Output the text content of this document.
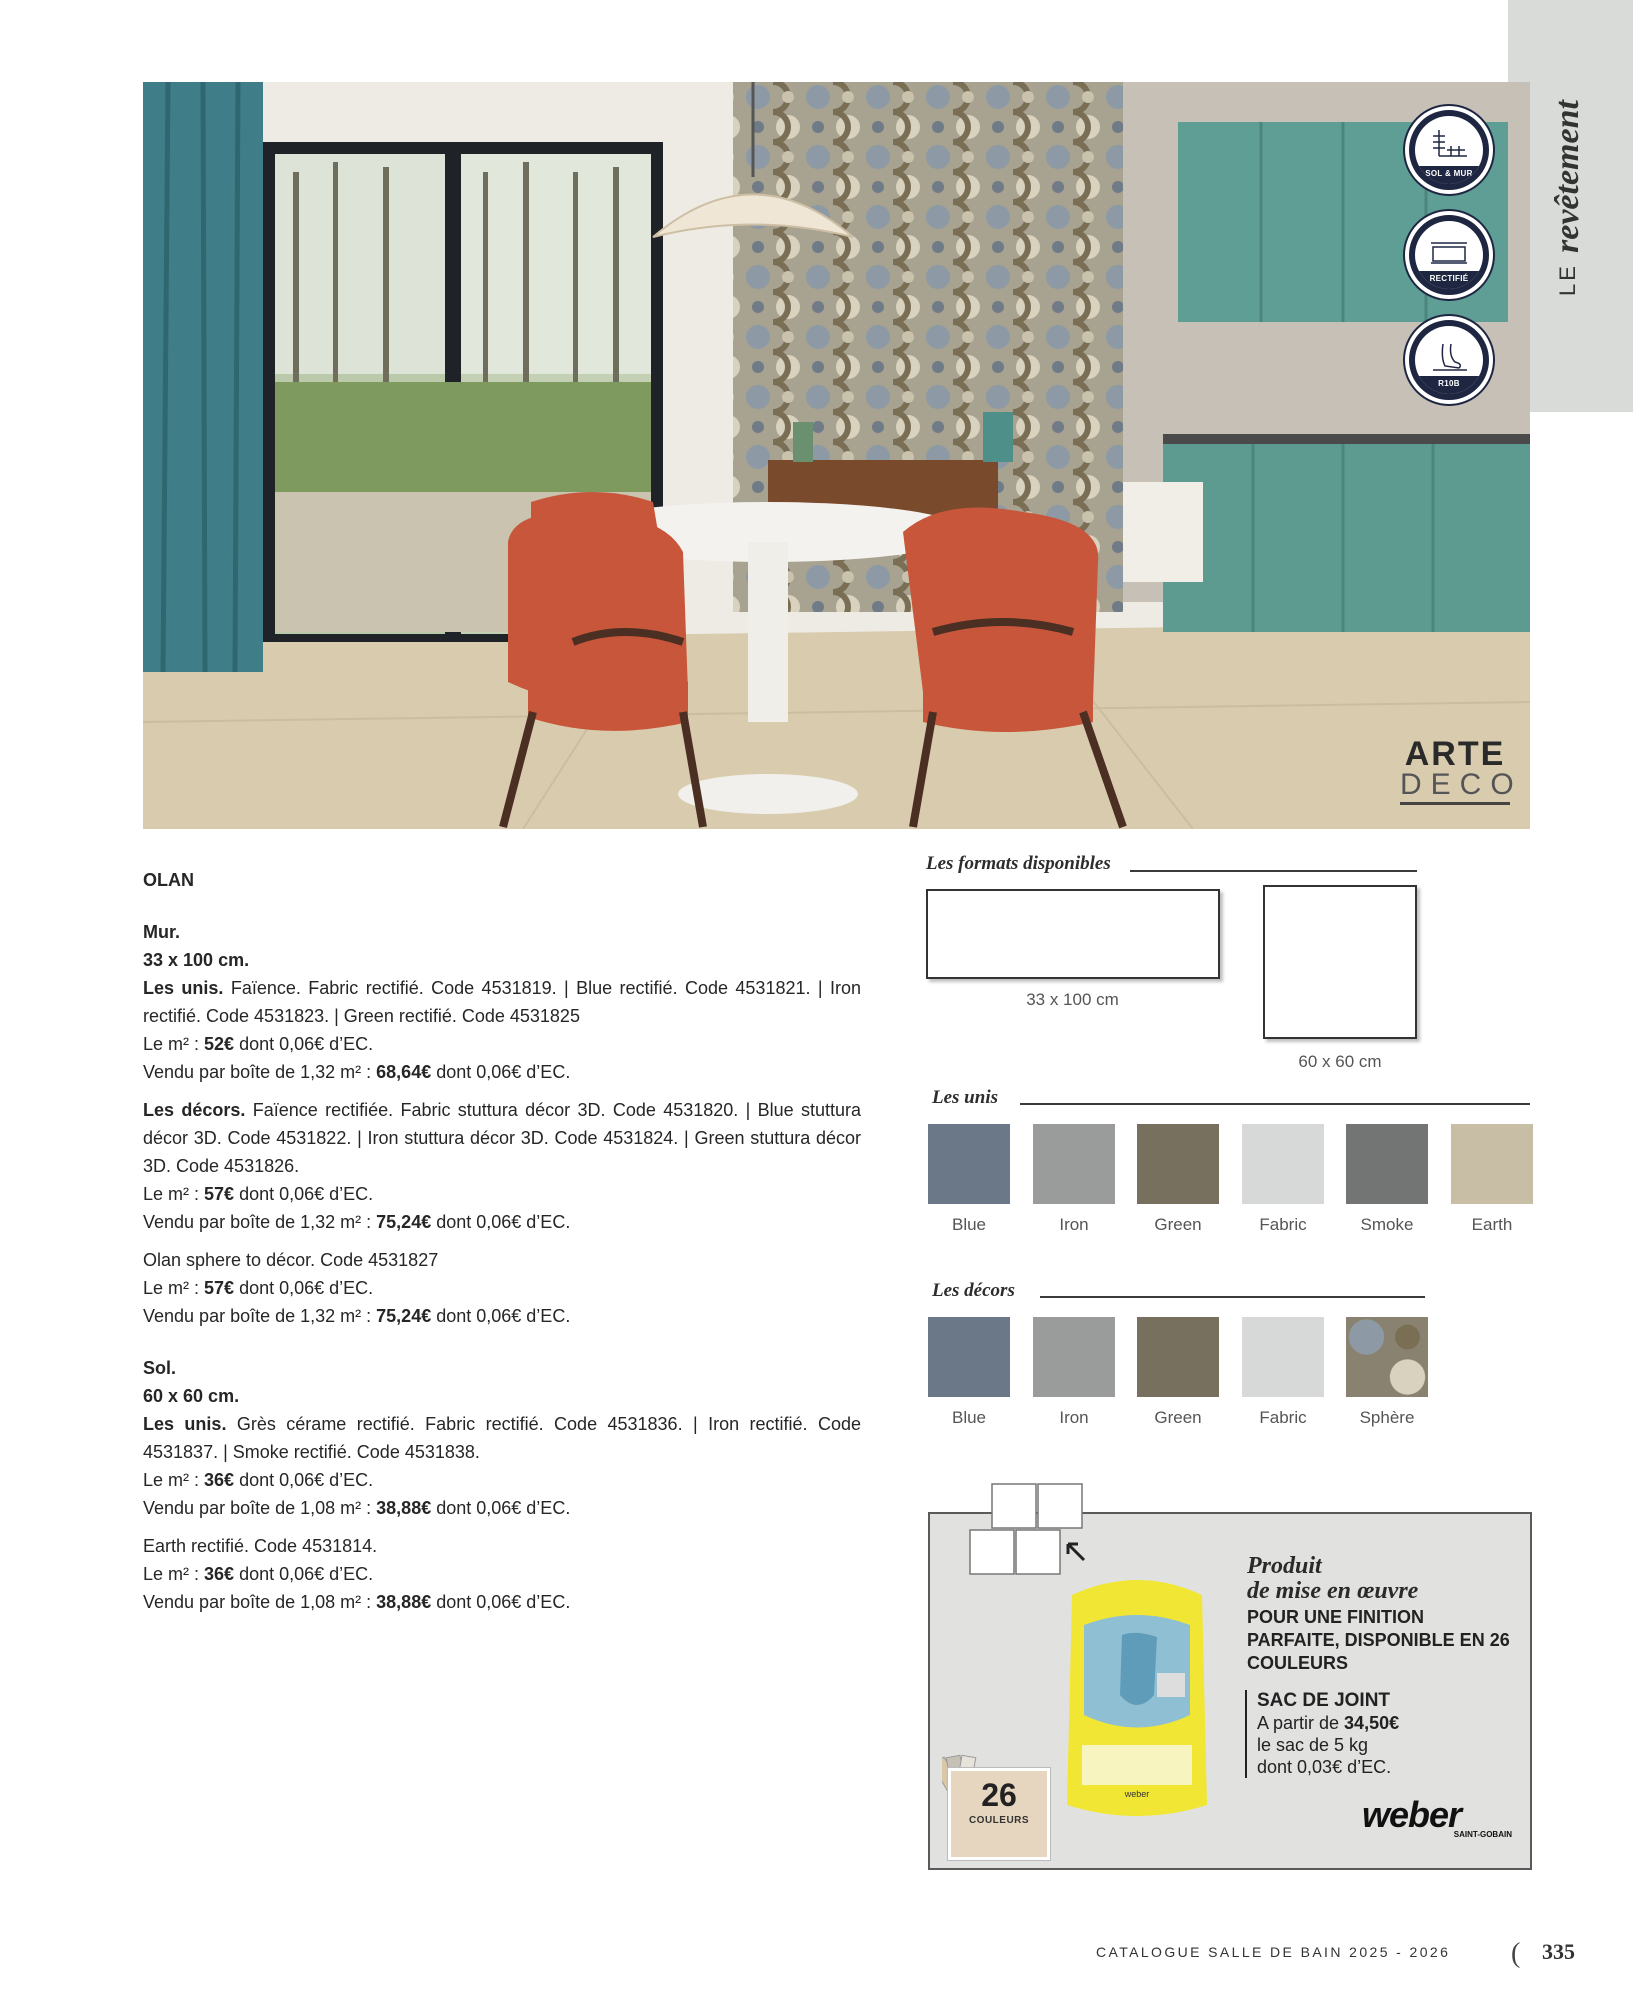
LE
revêtement
SOL & MUR
RECTIFIÉ
R10B
ARTE
DECO

OLAN

Mur.

33 x 100 cm.

Les unis. Faïence. Fabric rectifié. Code 4531819. | Blue rectifié. Code 4531821. | Iron rectifié. Code 4531823. | Green rectifié. Code 4531825

Le m² : 52€ dont 0,06€ d’EC.

Vendu par boîte de 1,32 m² : 68,64€ dont 0,06€ d’EC.

Les décors. Faïence rectifiée. Fabric stuttura décor 3D. Code 4531820. | Blue stuttura décor 3D. Code 4531822. | Iron stuttura décor 3D. Code 4531824. | Green stuttura décor 3D. Code 4531826.

Le m² : 57€ dont 0,06€ d’EC.

Vendu par boîte de 1,32 m² : 75,24€ dont 0,06€ d’EC.

Olan sphere to décor. Code 4531827

Le m² : 57€ dont 0,06€ d’EC.

Vendu par boîte de 1,32 m² : 75,24€ dont 0,06€ d’EC.

Sol.

60 x 60 cm.

Les unis. Grès cérame rectifié. Fabric rectifié. Code 4531836. | Iron rectifié. Code 4531837. | Smoke rectifié. Code 4531838.

Le m² : 36€ dont 0,06€ d’EC.

Vendu par boîte de 1,08 m² : 38,88€ dont 0,06€ d’EC.

Earth rectifié. Code 4531814.

Le m² : 36€ dont 0,06€ d’EC.

Vendu par boîte de 1,08 m² : 38,88€ dont 0,06€ d’EC.

Les formats disponibles
33 x 100 cm
60 x 60 cm
Les unis
Blue	Iron	Green	Fabric	Smoke	Earth
Les décors
Blue	Iron	Green	Fabric	Sphère
weber
26
COULEURS
Produit
de mise en œuvre
POUR UNE FINITION PARFAITE, DISPONIBLE EN 26 COULEURS
SAC DE JOINT
A partir de 34,50€
le sac de 5 kg
dont 0,03€ d’EC.
weber
SAINT-GOBAIN
CATALOGUE SALLE DE BAIN 2025 - 2026 ( 335
